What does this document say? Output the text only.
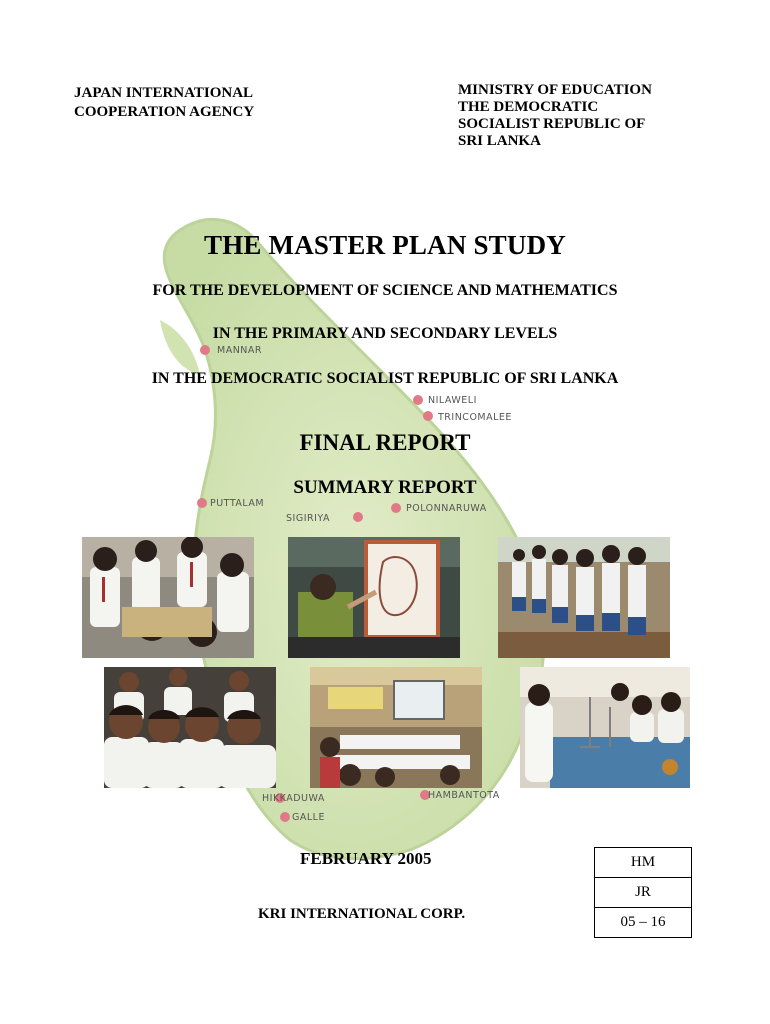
JAPAN INTERNATIONAL
COOPERATION AGENCY
MINISTRY OF EDUCATION
THE DEMOCRATIC
SOCIALIST REPUBLIC OF
SRI LANKA
MANNAR
NILAWELI
TRINCOMALEE
PUTTALAM
SIGIRIYA
POLONNARUWA
HIKKADUWA	HAMBANTOTA
GALLE
THE MASTER PLAN STUDY
FOR THE DEVELOPMENT OF SCIENCE AND MATHEMATICS
IN THE PRIMARY AND SECONDARY LEVELS
IN THE DEMOCRATIC SOCIALIST REPUBLIC OF SRI LANKA
FINAL REPORT
SUMMARY REPORT
FEBRUARY 2005
KRI INTERNATIONAL CORP.
HM
JR
05 – 16
